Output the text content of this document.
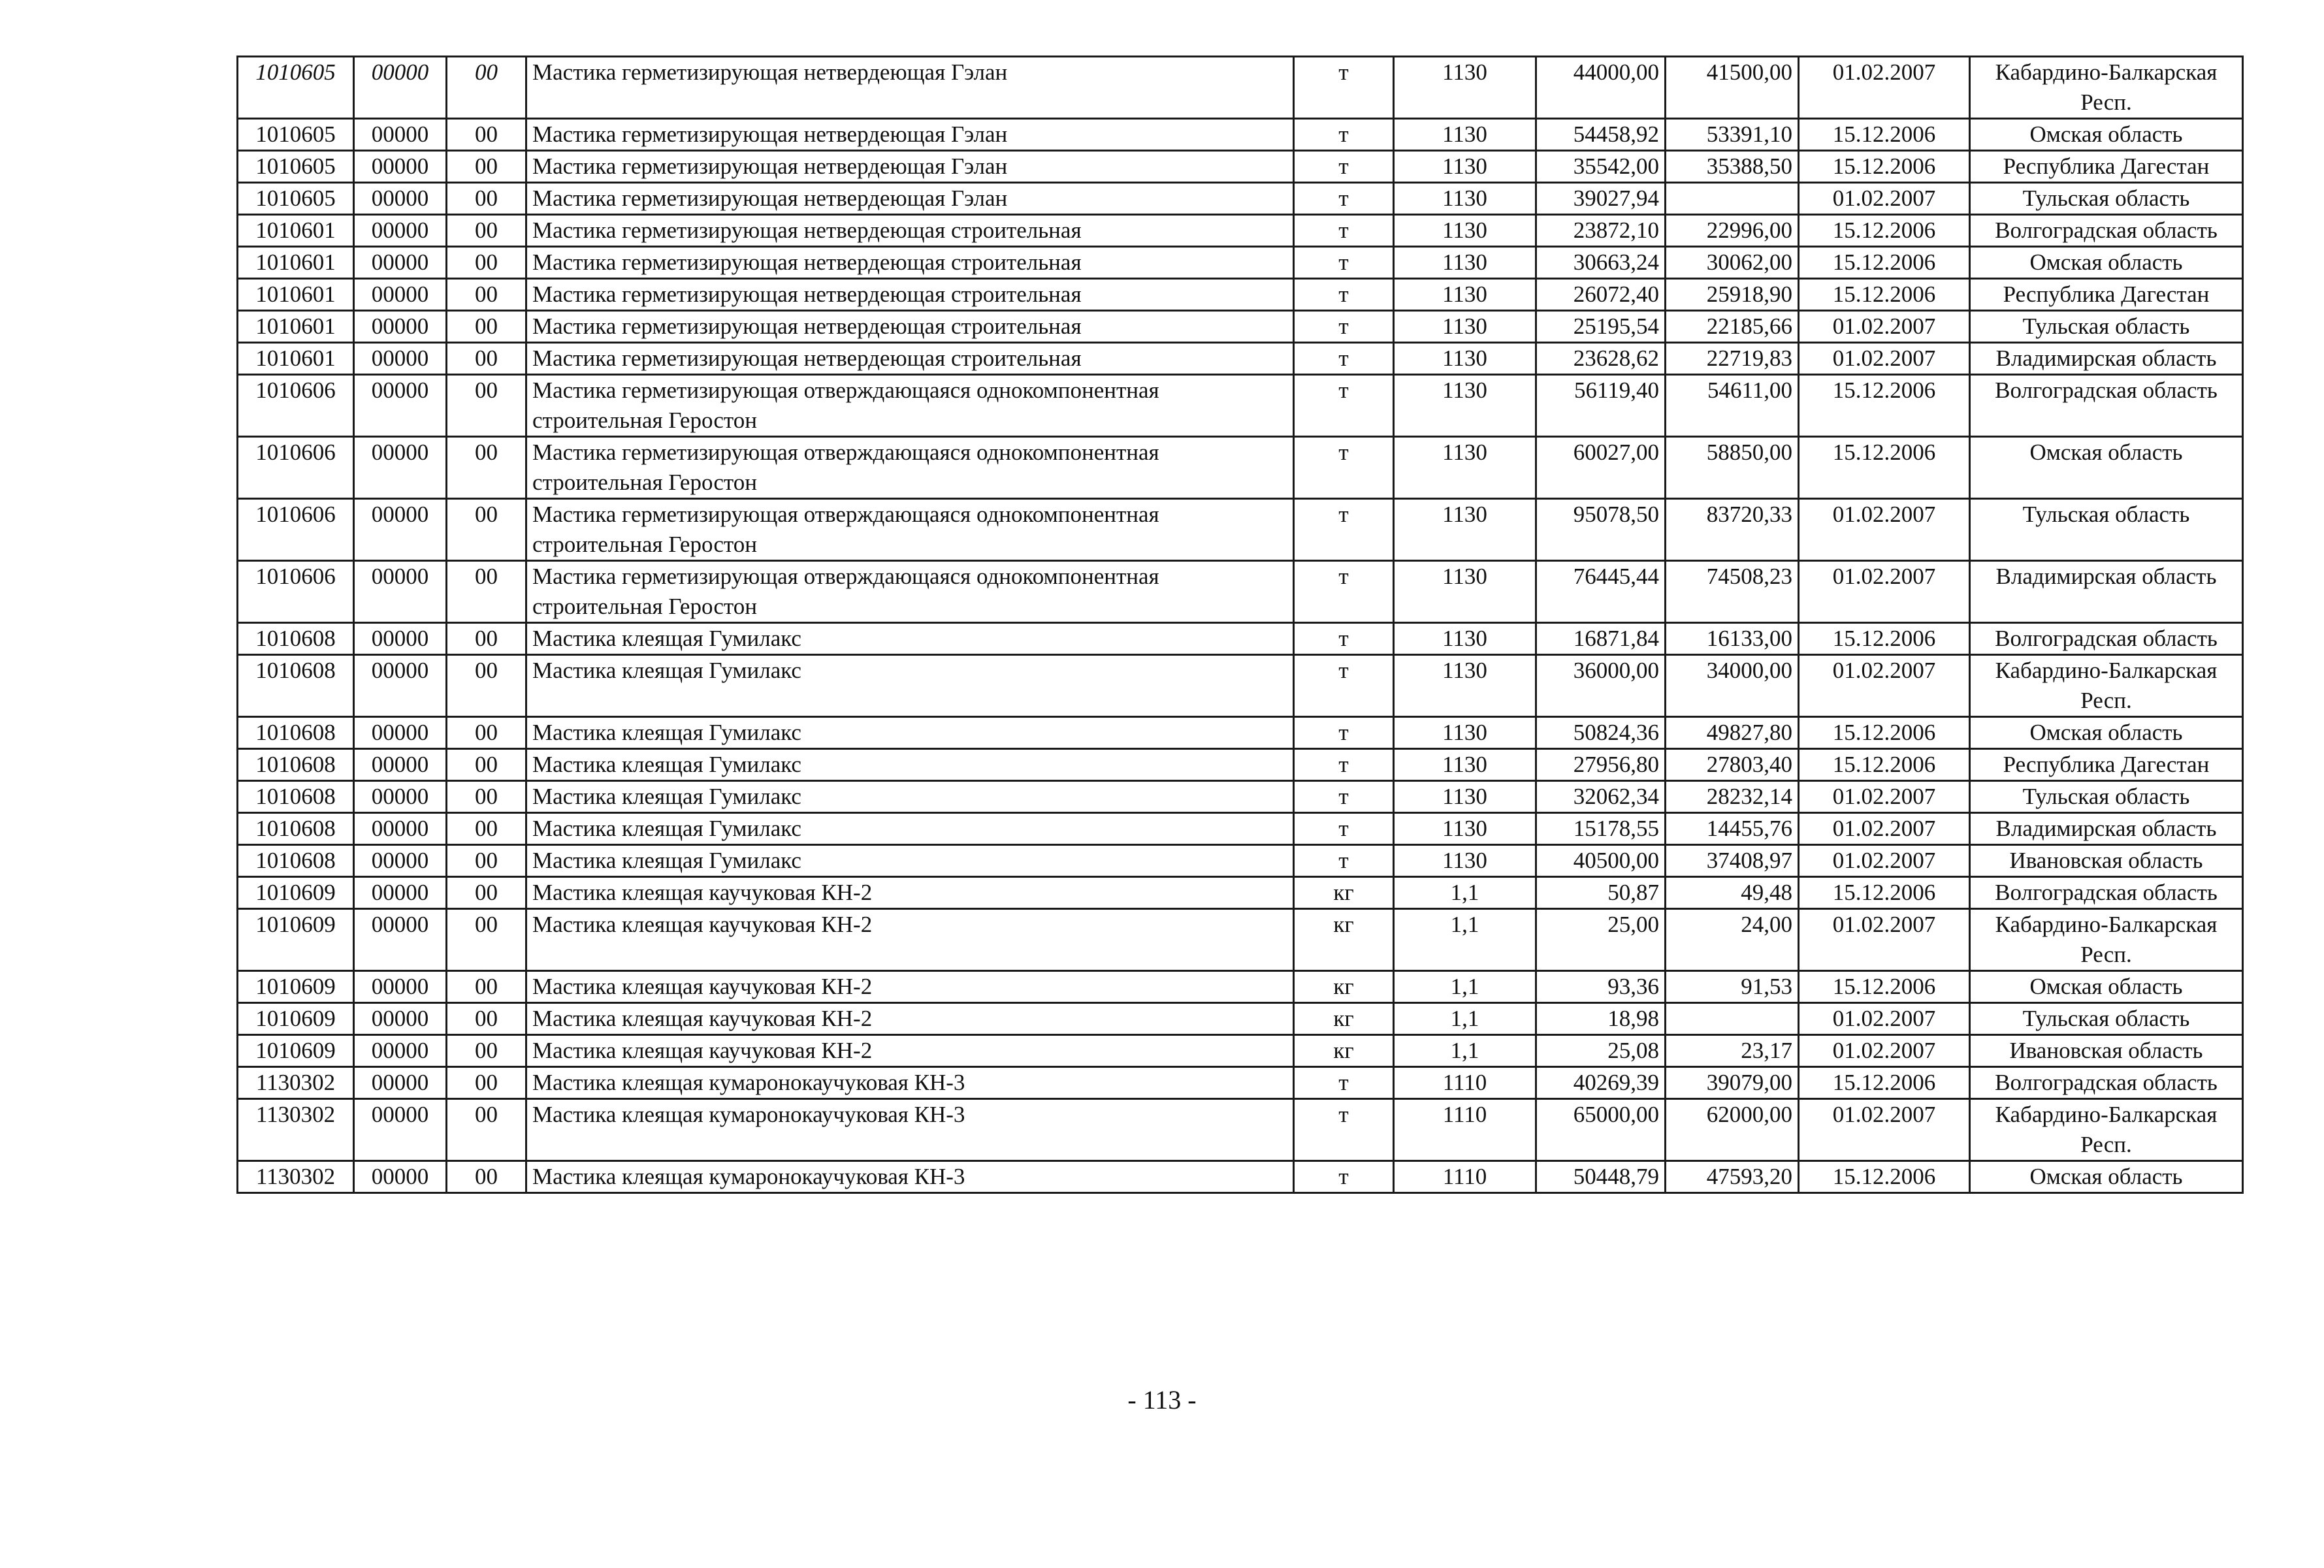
1010605	00000	00	Мастика герметизирующая нетвердеющая Гэлан	т	1130	44000,00	41500,00	01.02.2007	Кабардино-Балкарская Респ.
1010605	00000	00	Мастика герметизирующая нетвердеющая Гэлан	т	1130	54458,92	53391,10	15.12.2006	Омская область
1010605	00000	00	Мастика герметизирующая нетвердеющая Гэлан	т	1130	35542,00	35388,50	15.12.2006	Республика Дагестан
1010605	00000	00	Мастика герметизирующая нетвердеющая Гэлан	т	1130	39027,94		01.02.2007	Тульская область
1010601	00000	00	Мастика герметизирующая нетвердеющая строительная	т	1130	23872,10	22996,00	15.12.2006	Волгоградская область
1010601	00000	00	Мастика герметизирующая нетвердеющая строительная	т	1130	30663,24	30062,00	15.12.2006	Омская область
1010601	00000	00	Мастика герметизирующая нетвердеющая строительная	т	1130	26072,40	25918,90	15.12.2006	Республика Дагестан
1010601	00000	00	Мастика герметизирующая нетвердеющая строительная	т	1130	25195,54	22185,66	01.02.2007	Тульская область
1010601	00000	00	Мастика герметизирующая нетвердеющая строительная	т	1130	23628,62	22719,83	01.02.2007	Владимирская область
1010606	00000	00	Мастика герметизирующая отверждающаяся однокомпонентная строительная Геростон	т	1130	56119,40	54611,00	15.12.2006	Волгоградская область
1010606	00000	00	Мастика герметизирующая отверждающаяся однокомпонентная строительная Геростон	т	1130	60027,00	58850,00	15.12.2006	Омская область
1010606	00000	00	Мастика герметизирующая отверждающаяся однокомпонентная строительная Геростон	т	1130	95078,50	83720,33	01.02.2007	Тульская область
1010606	00000	00	Мастика герметизирующая отверждающаяся однокомпонентная строительная Геростон	т	1130	76445,44	74508,23	01.02.2007	Владимирская область
1010608	00000	00	Мастика клеящая Гумилакс	т	1130	16871,84	16133,00	15.12.2006	Волгоградская область
1010608	00000	00	Мастика клеящая Гумилакс	т	1130	36000,00	34000,00	01.02.2007	Кабардино-Балкарская Респ.
1010608	00000	00	Мастика клеящая Гумилакс	т	1130	50824,36	49827,80	15.12.2006	Омская область
1010608	00000	00	Мастика клеящая Гумилакс	т	1130	27956,80	27803,40	15.12.2006	Республика Дагестан
1010608	00000	00	Мастика клеящая Гумилакс	т	1130	32062,34	28232,14	01.02.2007	Тульская область
1010608	00000	00	Мастика клеящая Гумилакс	т	1130	15178,55	14455,76	01.02.2007	Владимирская область
1010608	00000	00	Мастика клеящая Гумилакс	т	1130	40500,00	37408,97	01.02.2007	Ивановская область
1010609	00000	00	Мастика клеящая каучуковая КН-2	кг	1,1	50,87	49,48	15.12.2006	Волгоградская область
1010609	00000	00	Мастика клеящая каучуковая КН-2	кг	1,1	25,00	24,00	01.02.2007	Кабардино-Балкарская Респ.
1010609	00000	00	Мастика клеящая каучуковая КН-2	кг	1,1	93,36	91,53	15.12.2006	Омская область
1010609	00000	00	Мастика клеящая каучуковая КН-2	кг	1,1	18,98		01.02.2007	Тульская область
1010609	00000	00	Мастика клеящая каучуковая КН-2	кг	1,1	25,08	23,17	01.02.2007	Ивановская область
1130302	00000	00	Мастика клеящая кумаронокаучуковая КН-3	т	1110	40269,39	39079,00	15.12.2006	Волгоградская область
1130302	00000	00	Мастика клеящая кумаронокаучуковая КН-3	т	1110	65000,00	62000,00	01.02.2007	Кабардино-Балкарская Респ.
1130302	00000	00	Мастика клеящая кумаронокаучуковая КН-3	т	1110	50448,79	47593,20	15.12.2006	Омская область
- 113 -
